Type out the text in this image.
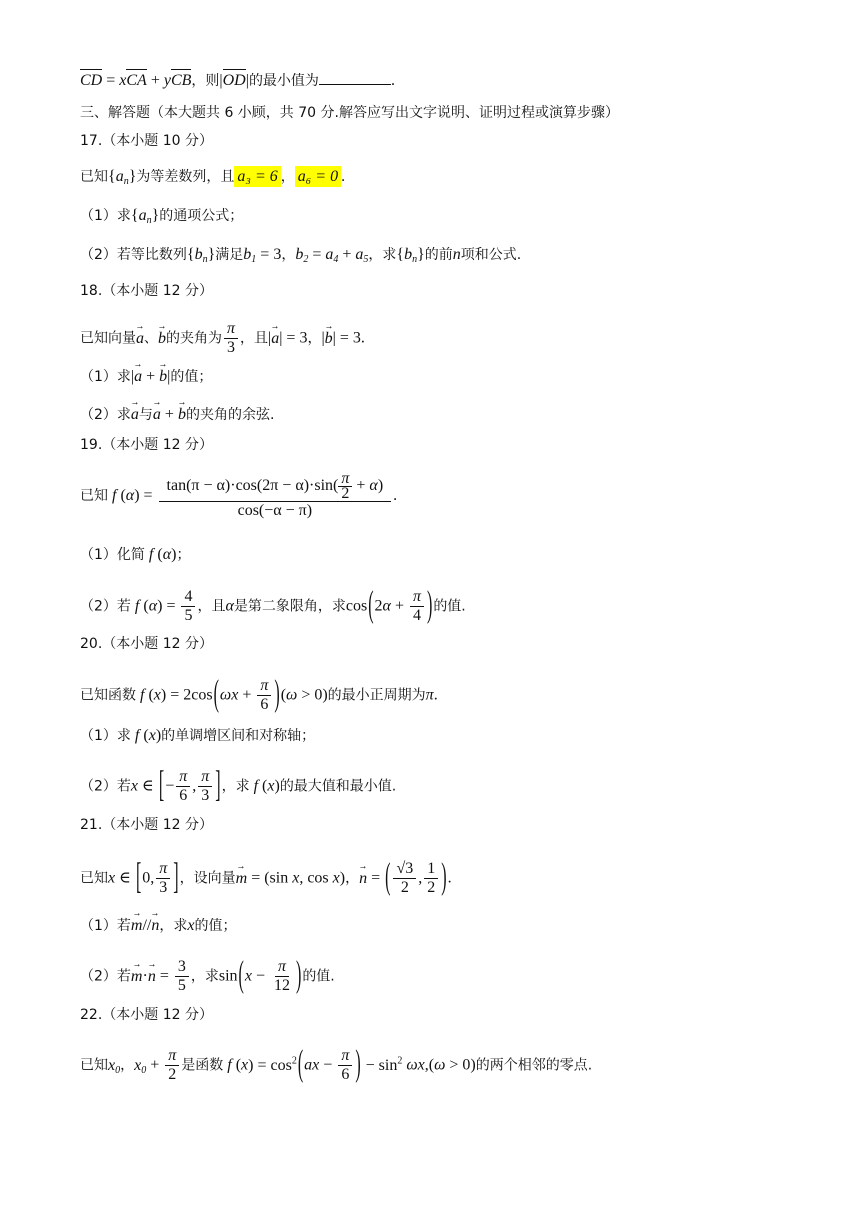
CD = xCA + yCB，则|OD|的最小值为	.
三、解答题（本大题共 6 小顾，共 70 分.解答应写出文字说明、证明过程或演算步骤）
17.（本小题 10 分）
已知$\{a_n\}$为等差数列，且 a₃ = 6 ， a₆ = 0 .
（1）求$\{a_n\}$的通项公式；
（2）若等比数列$\{b_n\}$满足$b_1 = 3$，$b_2 = a_4 + a_5$，求$\{b_n\}$的前n项和公式.
18.（本小题 12 分）
已知向量→ a、→ b的夹角为 $\frac{\pi}{3}$ ，且|→ a| = 3，|→ b| = 3.
（1）求|→ a + → b|的值；
（2）求→ a与→ a + → b的夹角的余弦.
19.（本小题 12 分）
已知 f $(\alpha) = \frac{\tan(\pi - \alpha)\cdot\cos(2\pi - \alpha)\cdot\sin( \frac{\pi}{2} + \alpha)}{\cos(-\alpha - \pi)}$ .
（1）化简 f (α)；
（2）若 f $(\alpha) = \frac{4}{5}$ ，且α是第二象限角，求$\cos(2\alpha + \frac{\pi}{4}$ )的值.
20.（本小题 12 分）
已知函数 f $(x) = 2\cos(\omega x + \frac{\pi}{6} )(\omega > 0)$的最小正周期为π.
（1）求 f (x)的单调增区间和对称轴；
（2）若x ∈ [− $\frac{\pi}{6}$ , $\frac{\pi}{3}$ ]，求 f (x)的最大值和最小值.
21.（本小题 12 分）
已知x ∈ [0, $\frac{\pi}{3}$ ]，设向量→ m = (sin x, cos x)，→ n = ( $\frac{√3}{2}$ , $\frac{1}{2}$ ).
（1）若→ m//→ n，求x的值；
（2）若→ $m\cdot\to n = \frac{3}{5}$ ，求$\sin(x - \frac{\pi}{12}$ )的值.
22.（本小题 12 分）
已知$x_0$，$x_0 + \frac{\pi}{2}$ 是函数 f $(x) = \cos^2(ax - \frac{\pi}{6}$ ) − $\sin^2 \omega x,(\omega > 0)$的两个相邻的零点.
